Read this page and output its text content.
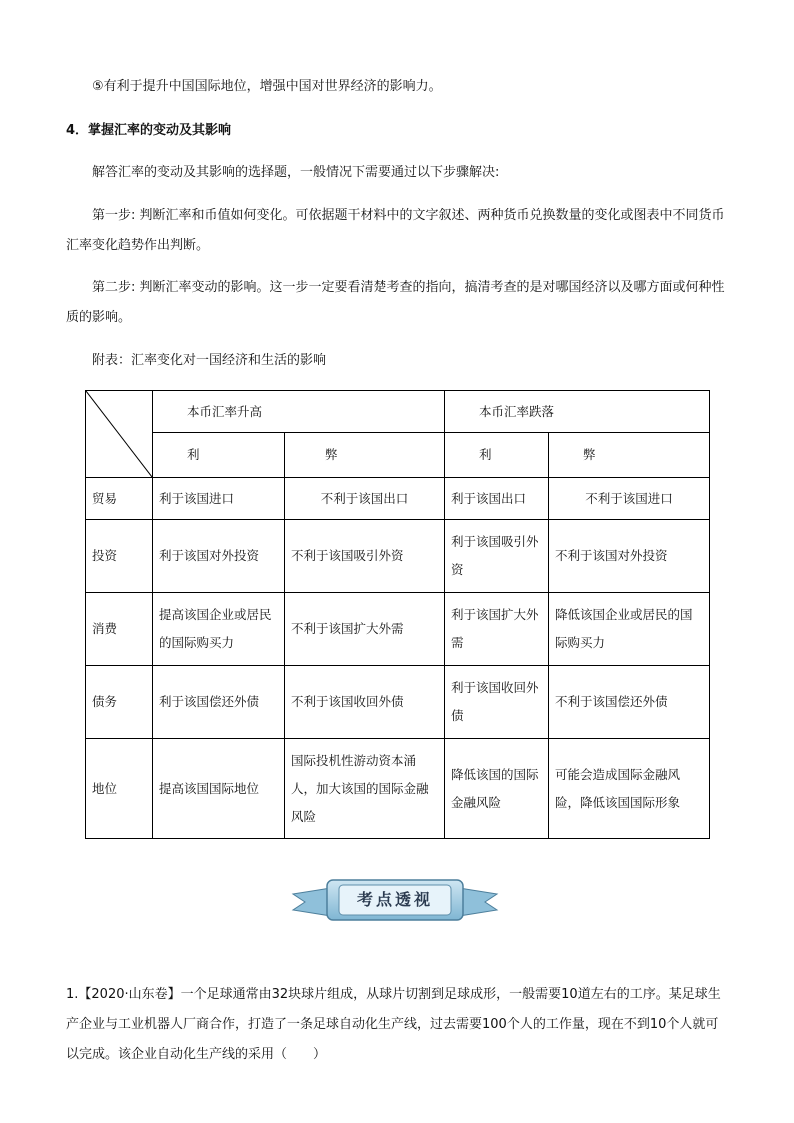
⑤有利于提升中国国际地位，增强中国对世界经济的影响力。

4．掌握汇率的变动及其影响

解答汇率的变动及其影响的选择题，一般情况下需要通过以下步骤解决:

第一步: 判断汇率和币值如何变化。可依据题干材料中的文字叙述、两种货币兑换数量的变化或图表中不同货币汇率变化趋势作出判断。

第二步: 判断汇率变动的影响。这一步一定要看清楚考查的指向，搞清考查的是对哪国经济以及哪方面或何种性质的影响。

附表：汇率变化对一国经济和生活的影响

	本币汇率升高		本币汇率跌落	
	利	弊	利	弊
贸易	利于该国进口	不利于该国出口	利于该国出口	不利于该国进口
投资	利于该国对外投资	不利于该国吸引外资	利于该国吸引外资	不利于该国对外投资
消费	提高该国企业或居民的国际购买力	不利于该国扩大外需	利于该国扩大外需	降低该国企业或居民的国际购买力
债务	利于该国偿还外债	不利于该国收回外债	利于该国收回外债	不利于该国偿还外债
地位	提高该国国际地位	国际投机性游动资本涌人，加大该国的国际金融风险	降低该国的国际金融风险	可能会造成国际金融风险，降低该国国际形象
考点透视

1.【2020·山东卷】一个足球通常由32块球片组成，从球片切割到足球成形，一般需要10道左右的工序。某足球生产企业与工业机器人厂商合作，打造了一条足球自动化生产线，过去需要100个人的工作量，现在不到10个人就可以完成。该企业自动化生产线的采用（　　）
